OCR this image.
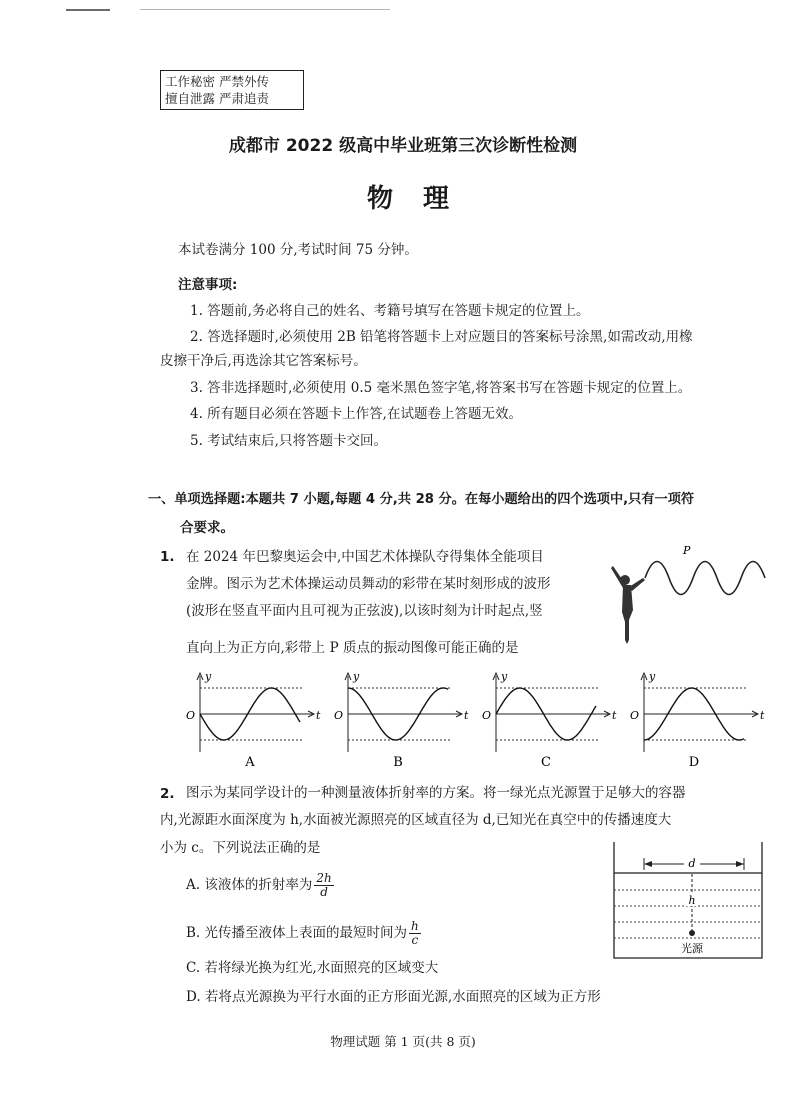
工作秘密 严禁外传
擅自泄露 严肃追责
成都市 2022 级高中毕业班第三次诊断性检测
物理
本试卷满分 100 分,考试时间 75 分钟。
注意事项:
1. 答题前,务必将自己的姓名、考籍号填写在答题卡规定的位置上。
2. 答选择题时,必须使用 2B 铅笔将答题卡上对应题目的答案标号涂黑,如需改动,用橡
皮擦干净后,再选涂其它答案标号。
3. 答非选择题时,必须使用 0.5 毫米黑色签字笔,将答案书写在答题卡规定的位置上。
4. 所有题目必须在答题卡上作答,在试题卷上答题无效。
5. 考试结束后,只将答题卡交回。
一、单项选择题:本题共 7 小题,每题 4 分,共 28 分。在每小题给出的四个选项中,只有一项符
合要求。
1. 在 2024 年巴黎奥运会中,中国艺术体操队夺得集体全能项目
金牌。图示为艺术体操运动员舞动的彩带在某时刻形成的波形
(波形在竖直平面内且可视为正弦波),以该时刻为计时起点,竖
直向上为正方向,彩带上 P 质点的振动图像可能正确的是
P
y
t
O
A
y
t
O
B
y
t
O
C
y
t
O
D
2. 图示为某同学设计的一种测量液体折射率的方案。将一绿光点光源置于足够大的容器
内,光源距水面深度为 h,水面被光源照亮的区域直径为 d,已知光在真空中的传播速度大
小为 c。下列说法正确的是
A. 该液体的折射率为 $\frac{2h}{d}$
B. 光传播至液体上表面的最短时间为 $\frac{h}{c}$
C. 若将绿光换为红光,水面照亮的区域变大
D. 若将点光源换为平行水面的正方形面光源,水面照亮的区域为正方形
d
h
光源
物理试题 第 1 页(共 8 页)
